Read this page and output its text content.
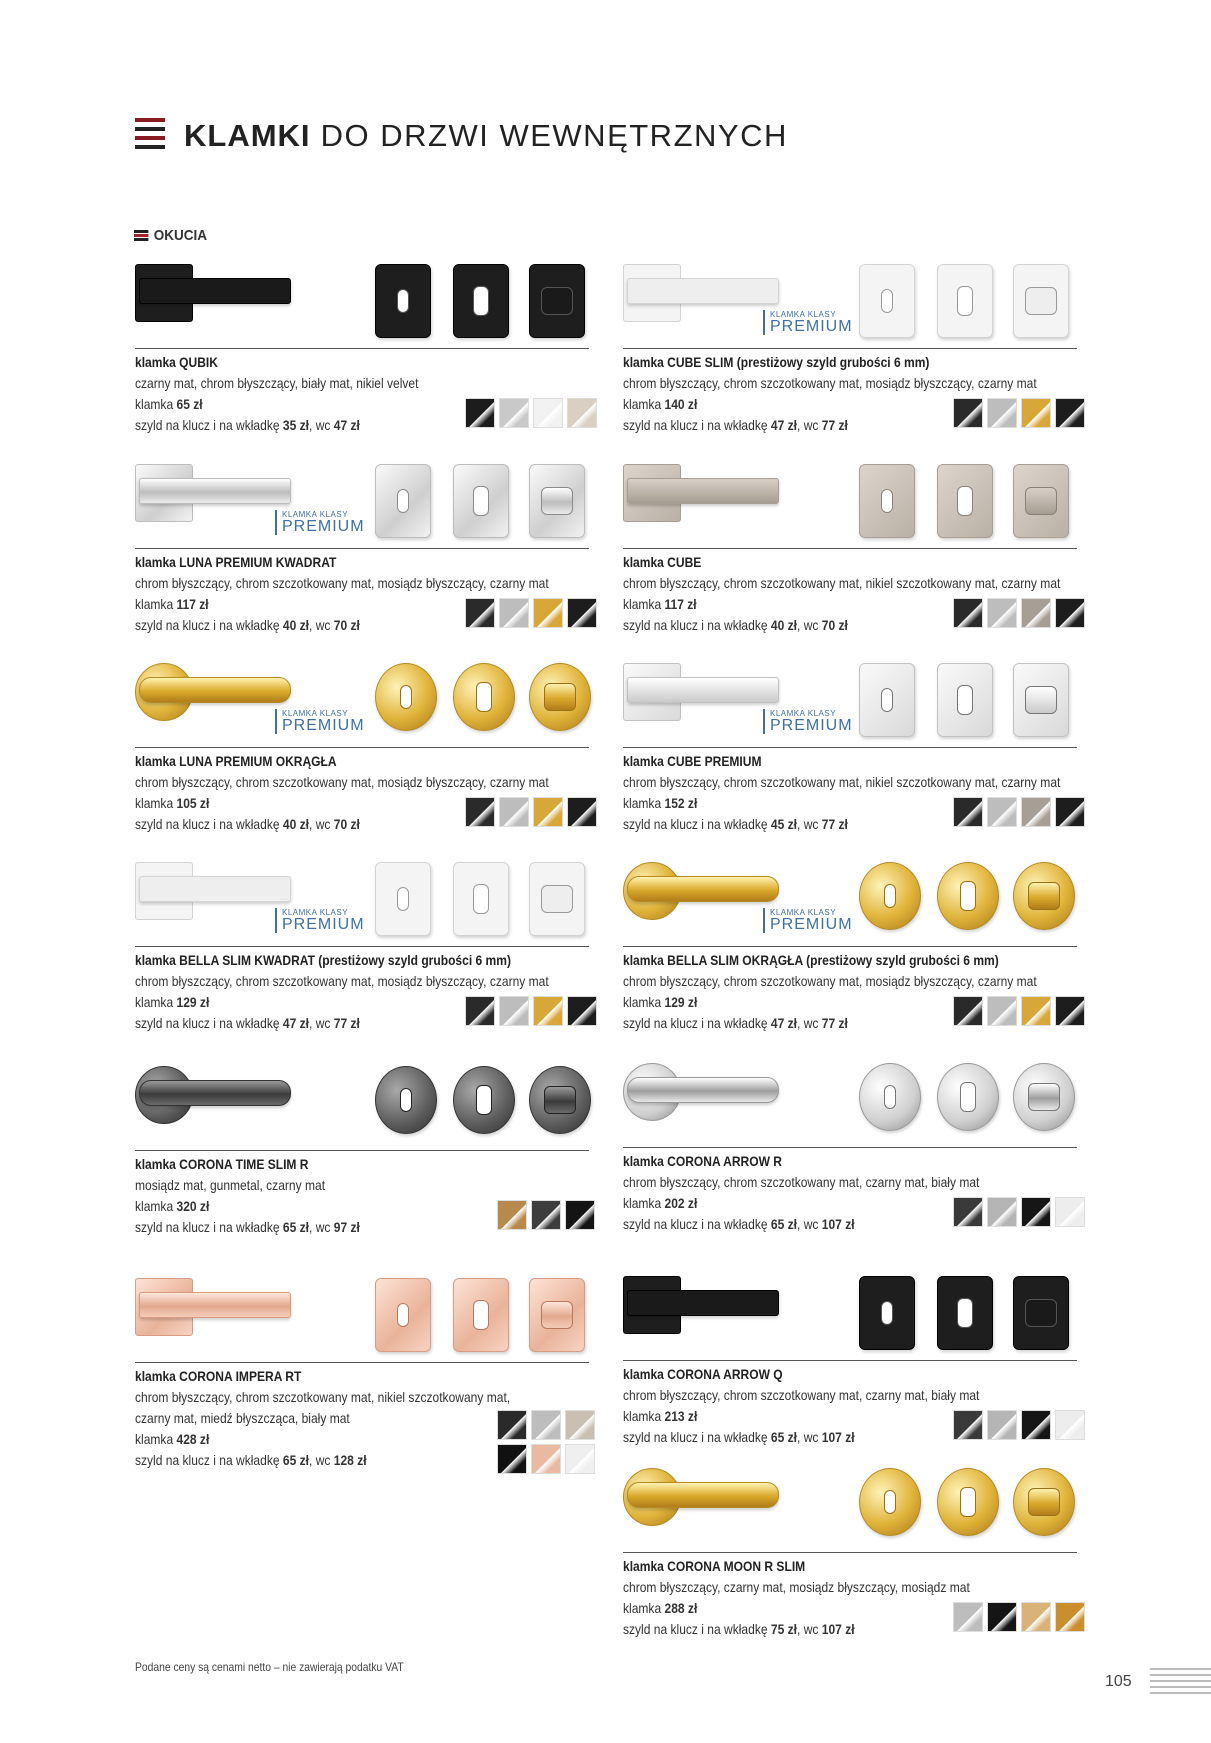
KLAMKI DO DRZWI WEWNĘTRZNYCH
OKUCIA
klamka QUBIK
czarny mat, chrom błyszczący, biały mat, nikiel velvet
klamka 65 zł
szyld na klucz i na wkładkę 35 zł, wc 47 zł
KLAMKA KLASY
PREMIUM
klamka CUBE SLIM (prestiżowy szyld grubości 6 mm)
chrom błyszczący, chrom szczotkowany mat, mosiądz błyszczący, czarny mat
klamka 140 zł
szyld na klucz i na wkładkę 47 zł, wc 77 zł
KLAMKA KLASY
PREMIUM
klamka LUNA PREMIUM KWADRAT
chrom błyszczący, chrom szczotkowany mat, mosiądz błyszczący, czarny mat
klamka 117 zł
szyld na klucz i na wkładkę 40 zł, wc 70 zł
klamka CUBE
chrom błyszczący, chrom szczotkowany mat, nikiel szczotkowany mat, czarny mat
klamka 117 zł
szyld na klucz i na wkładkę 40 zł, wc 70 zł
KLAMKA KLASY
PREMIUM
klamka LUNA PREMIUM OKRĄGŁA
chrom błyszczący, chrom szczotkowany mat, mosiądz błyszczący, czarny mat
klamka 105 zł
szyld na klucz i na wkładkę 40 zł, wc 70 zł
KLAMKA KLASY
PREMIUM
klamka CUBE PREMIUM
chrom błyszczący, chrom szczotkowany mat, nikiel szczotkowany mat, czarny mat
klamka 152 zł
szyld na klucz i na wkładkę 45 zł, wc 77 zł
KLAMKA KLASY
PREMIUM
klamka BELLA SLIM KWADRAT (prestiżowy szyld grubości 6 mm)
chrom błyszczący, chrom szczotkowany mat, mosiądz błyszczący, czarny mat
klamka 129 zł
szyld na klucz i na wkładkę 47 zł, wc 77 zł
KLAMKA KLASY
PREMIUM
klamka BELLA SLIM OKRĄGŁA (prestiżowy szyld grubości 6 mm)
chrom błyszczący, chrom szczotkowany mat, mosiądz błyszczący, czarny mat
klamka 129 zł
szyld na klucz i na wkładkę 47 zł, wc 77 zł
klamka CORONA TIME SLIM R
mosiądz mat, gunmetal, czarny mat
klamka 320 zł
szyld na klucz i na wkładkę 65 zł, wc 97 zł
klamka CORONA ARROW R
chrom błyszczący, chrom szczotkowany mat, czarny mat, biały mat
klamka 202 zł
szyld na klucz i na wkładkę 65 zł, wc 107 zł
klamka CORONA IMPERA RT
chrom błyszczący, chrom szczotkowany mat, nikiel szczotkowany mat,
czarny mat, miedź błyszcząca, biały mat
klamka 428 zł
szyld na klucz i na wkładkę 65 zł, wc 128 zł
klamka CORONA ARROW Q
chrom błyszczący, chrom szczotkowany mat, czarny mat, biały mat
klamka 213 zł
szyld na klucz i na wkładkę 65 zł, wc 107 zł
klamka CORONA MOON R SLIM
chrom błyszczący, czarny mat, mosiądz błyszczący, mosiądz mat
klamka 288 zł
szyld na klucz i na wkładkę 75 zł, wc 107 zł
Podane ceny są cenami netto – nie zawierają podatku VAT
105
